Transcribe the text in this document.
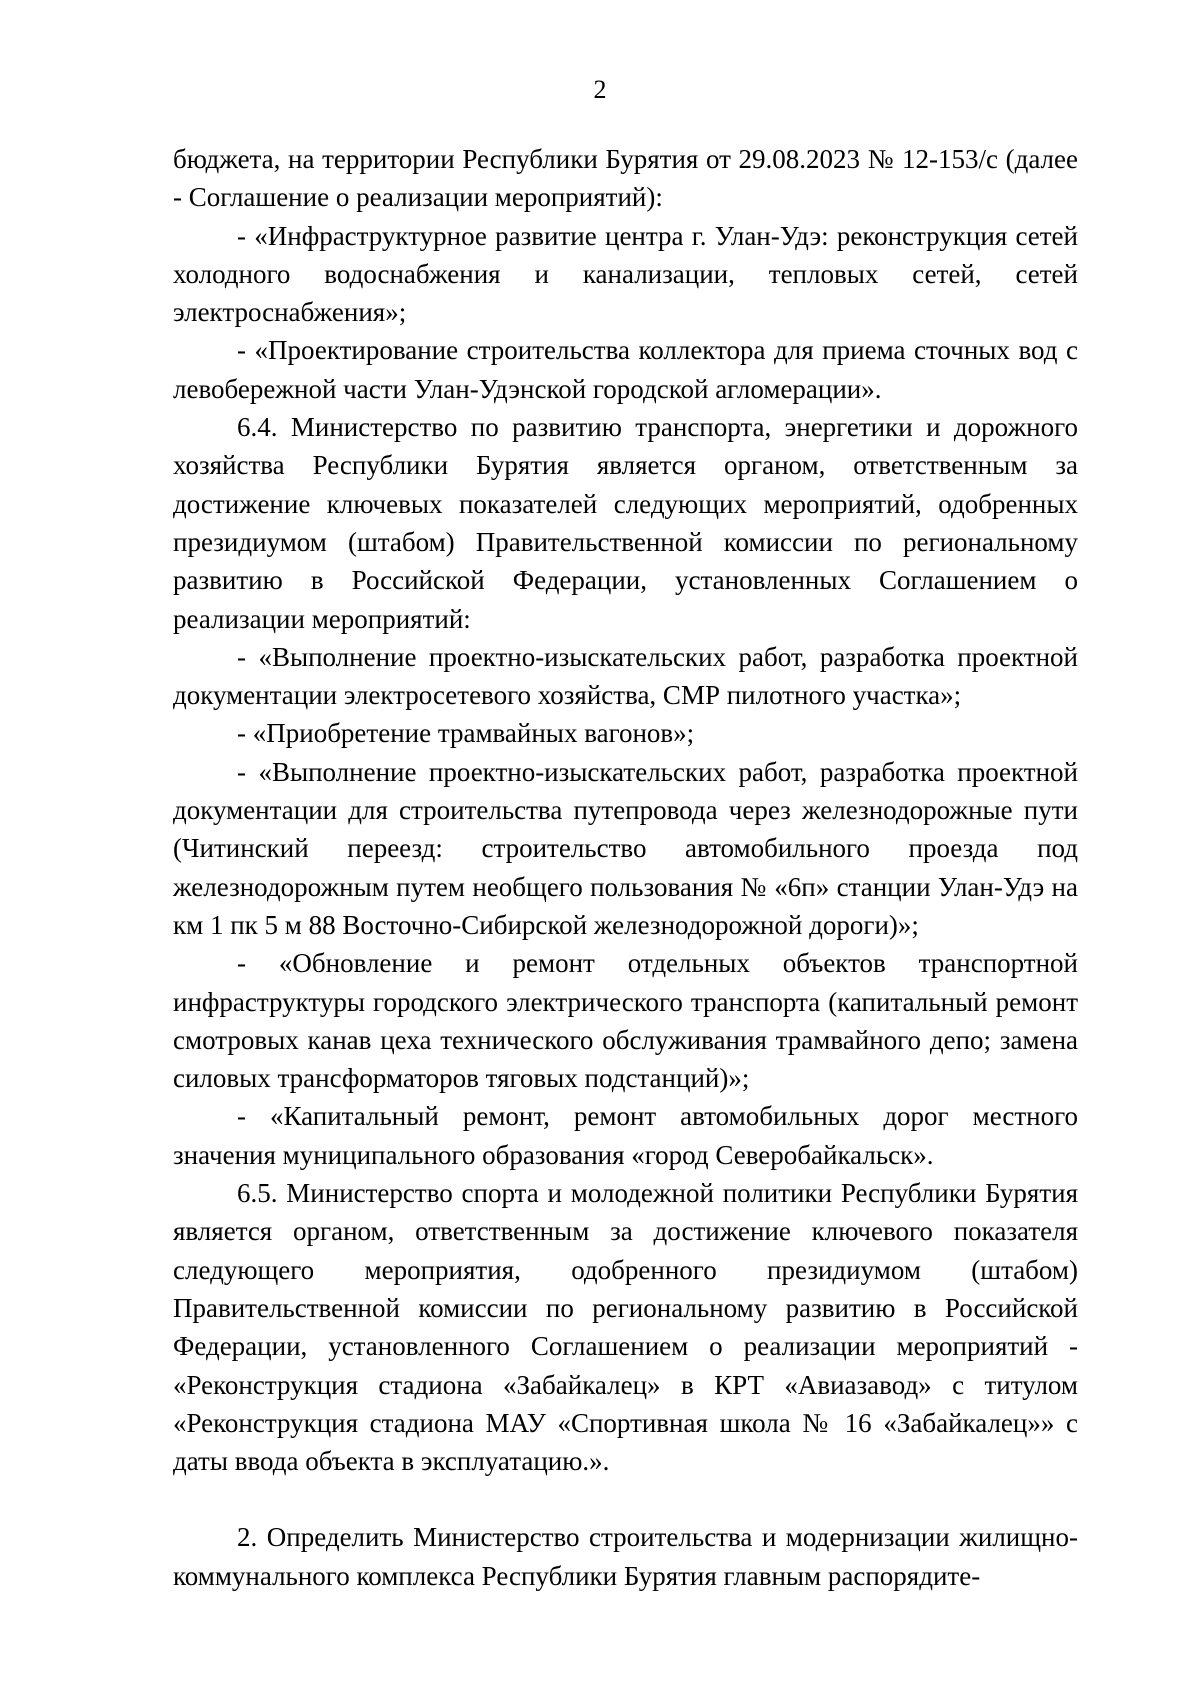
2

бюджета, на территории Республики Бурятия от 29.08.2023 № 12-153/с (далее - Соглашение о реализации мероприятий):

- «Инфраструктурное развитие центра г. Улан-Удэ: реконструкция сетей холодного водоснабжения и канализации, тепловых сетей, сетей электроснабжения»;

- «Проектирование строительства коллектора для приема сточных вод с левобережной части Улан-Удэнской городской агломерации».

6.4. Министерство по развитию транспорта, энергетики и дорожного хозяйства Республики Бурятия является органом, ответственным за достижение ключевых показателей следующих мероприятий, одобренных президиумом (штабом) Правительственной комиссии по региональному развитию в Российской Федерации, установленных Соглашением о реализации мероприятий:

- «Выполнение проектно-изыскательских работ, разработка проектной документации электросетевого хозяйства, СМР пилотного участка»;

- «Приобретение трамвайных вагонов»;

- «Выполнение проектно-изыскательских работ, разработка проектной документации для строительства путепровода через железнодорожные пути (Читинский переезд: строительство автомобильного проезда под железнодорожным путем необщего пользования № «6п» станции Улан-Удэ на км 1 пк 5 м 88 Восточно-Сибирской железнодорожной дороги)»;

- «Обновление и ремонт отдельных объектов транспортной инфраструктуры городского электрического транспорта (капитальный ремонт смотровых канав цеха технического обслуживания трамвайного депо; замена силовых трансформаторов тяговых подстанций)»;

- «Капитальный ремонт, ремонт автомобильных дорог местного значения муниципального образования «город Северобайкальск».

6.5. Министерство спорта и молодежной политики Республики Бурятия является органом, ответственным за достижение ключевого показателя следующего мероприятия, одобренного президиумом (штабом) Правительственной комиссии по региональному развитию в Российской Федерации, установленного Соглашением о реализации мероприятий - «Реконструкция стадиона «Забайкалец» в КРТ «Авиазавод» с титулом «Реконструкция стадиона МАУ «Спортивная школа № 16 «Забайкалец»» с даты ввода объекта в эксплуатацию.».

2. Определить Министерство строительства и модернизации жилищно-коммунального комплекса Республики Бурятия главным распорядите-
